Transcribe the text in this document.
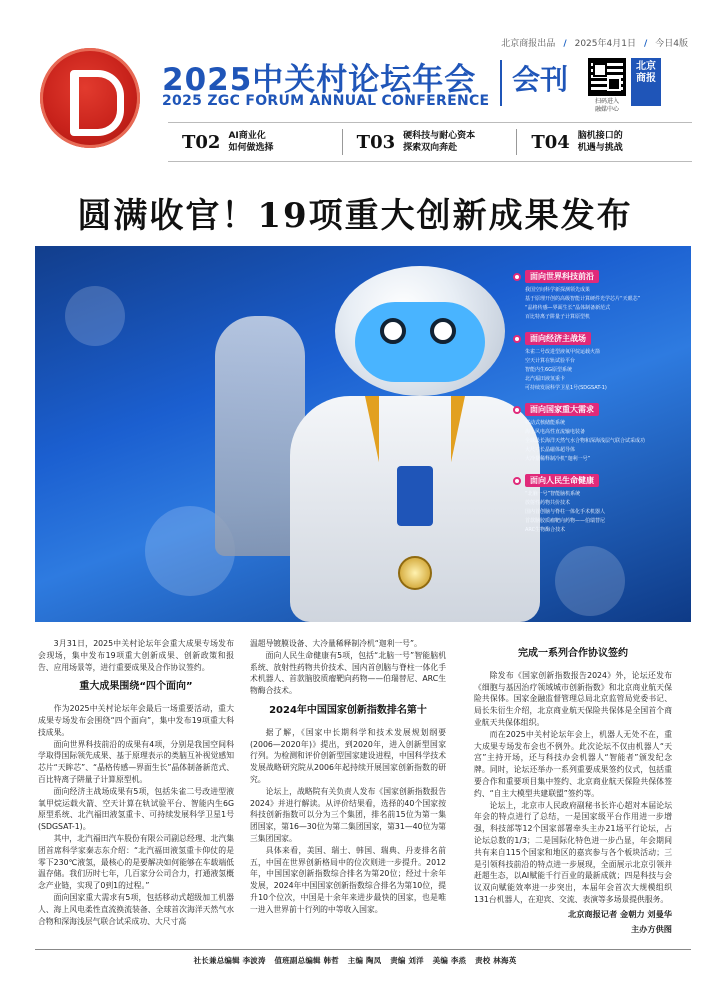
北京商报出品 / 2025年4月1日 / 今日4版
2025中关村论坛年会
2025 ZGC FORUM ANNUAL CONFERENCE
会刊
扫码进入
融媒中心
北京商报
T02 AI商业化
如何做选择	T03 硬科技与耐心资本
探索双向奔赴	T04 脑机接口的
机遇与挑战
圆满收官！19项重大创新成果发布
面向世界科技前沿
我国空间科学新探测领先成果
基于原理开创的高级智能计算硬件光学芯片“天眼芯”
“晶格传感—界面生长”晶体制备新范式
百比特离子阱量子计算原型机
面向经济主战场
朱雀二号改进型液氧甲烷运载火箭
空天计算在轨试验平台
智能内生6G原型系统
北汽福田液氢重卡
可持续发展科学卫星1号(SDGSAT-1)
面向国家重大需求
移动式核储能系统
海上风电高性直流输电装备
全球最长海洋天然气水合物和深海浅层气联合试采成功
大尺寸长晶磁体超导体
大冷量稀释制冷机“迦利一号”
面向人民生命健康
“北脑一号”智能脑机系统
放射性药物共价技术
国内首创脑与脊柱一体化手术机器人
首款脑胶质瘤靶向药物——伯瑞替尼
ARC生物酶合技术

3月31日，2025中关村论坛年会重大成果专场发布会现场，集中发布19项重大创新成果、创新政策和报告、应用场景等，进行重要成果及合作协议签约。

重大成果围绕“四个面向”

作为2025中关村论坛年会最后一场重要活动，重大成果专场发布会围绕“四个面向”，集中发布19项重大科技成果。

面向世界科技前沿的成果有4项，分别是我国空间科学取得国际领先成果、基于原理表示的类脑互补视觉感知芯片“天眸芯”、“晶格传感—界面生长”晶体制备新范式、百比特离子阱量子计算原型机。

面向经济主战场成果有5项，包括朱雀二号改进型液氧甲烷运载火箭、空天计算在轨试验平台、智能内生6G原型系统、北汽福田液氢重卡、可持续发展科学卫星1号(SDGSAT-1)。

其中，北汽福田汽车股份有限公司副总经理、北汽集团首席科学家秦志东介绍：“北汽福田液氢重卡仰仗的是零下230℃液氢，最核心的是要解决如何能够在车载端低温存储。我们历时七年，几百家分公司合力，打通液氢概念产业链，实现了0到1的过程。”

面向国家重大需求有5项，包括移动式超级加工机器人、海上风电柔性直流换流装备、全球首次海洋天然气水合物和深海浅层气联合试采成功、大尺寸高

温超导镀膜设备、大冷量稀释制冷机“迦利一号”。

面向人民生命健康有5项，包括“北脑一号”智能脑机系统、放射性药物共价技术、国内首创脑与脊柱一体化手术机器人、首款脑胶质瘤靶向药物——伯瑞替尼、ARC生物酶合技术。

2024年中国国家创新指数排名第十

据了解，《国家中长期科学和技术发展规划纲要(2006—2020年)》提出，到2020年，进入创新型国家行列。为检测和评价创新型国家建设进程，中国科学技术发展战略研究院从2006年起持续开展国家创新指数的研究。

论坛上，战略院有关负责人发布《国家创新指数报告2024》并进行解读。从评价结果看，选择的40个国家按科技创新指数可以分为三个集团，排名前15位为第一集团国家，第16—30位为第二集团国家，第31—40位为第三集团国家。

具体来看，美国、瑞士、韩国、瑞典、丹麦排名前五，中国在世界创新格局中的位次则进一步提升。2012年，中国国家创新指数综合排名为第20位；经过十余年发展，2024年中国国家创新指数综合排名为第10位，提升10个位次，中国是十余年来进步最快的国家，也是唯一进入世界前十行列的中等收入国家。

完成一系列合作协议签约

除发布《国家创新指数报告2024》外，论坛还发布《细胞与基因治疗领域城市创新指数》和北京商业航天保险共保体。国家金融监督管理总局北京监管局党委书记、局长朱衍生介绍，北京商业航天保险共保体是全国首个商业航天共保体组织。

而在2025中关村论坛年会上，机器人无处不在，重大成果专场发布会也不例外。此次论坛不仅由机器人“天宫”主持开场，还与科技办会机器人“智能者”颁发纪念牌。同时，论坛还举办一系列重要成果签约仪式，包括重要合作和重要项目集中签约、北京商业航天保险共保体签约、“自主大模型共建联盟”签约等。

论坛上，北京市人民政府副秘书长许心超对本届论坛年会的特点进行了总结，一是国家级平台作用进一步增强，科技部等12个国家部署牵头主办21场平行论坛，占论坛总数的1/3；二是国际化特色进一步凸显，年会期间共有来自115个国家和地区的嘉宾参与各个板块活动；三是引领科技前沿的特点进一步展现，全面展示北京引领并赶超生态，以AI赋能千行百业的最新成就；四是科技与会议双向赋能效率进一步突出，本届年会首次大规模组织131台机器人，在迎宾、交流、表演等多场景提供服务。

北京商报记者 金朝力 刘曼华
主办方供图
社长兼总编辑 李波涛 值班副总编辑 韩哲 主编 陶凤 责编 刘洋 美编 李烝 责校 林海英
